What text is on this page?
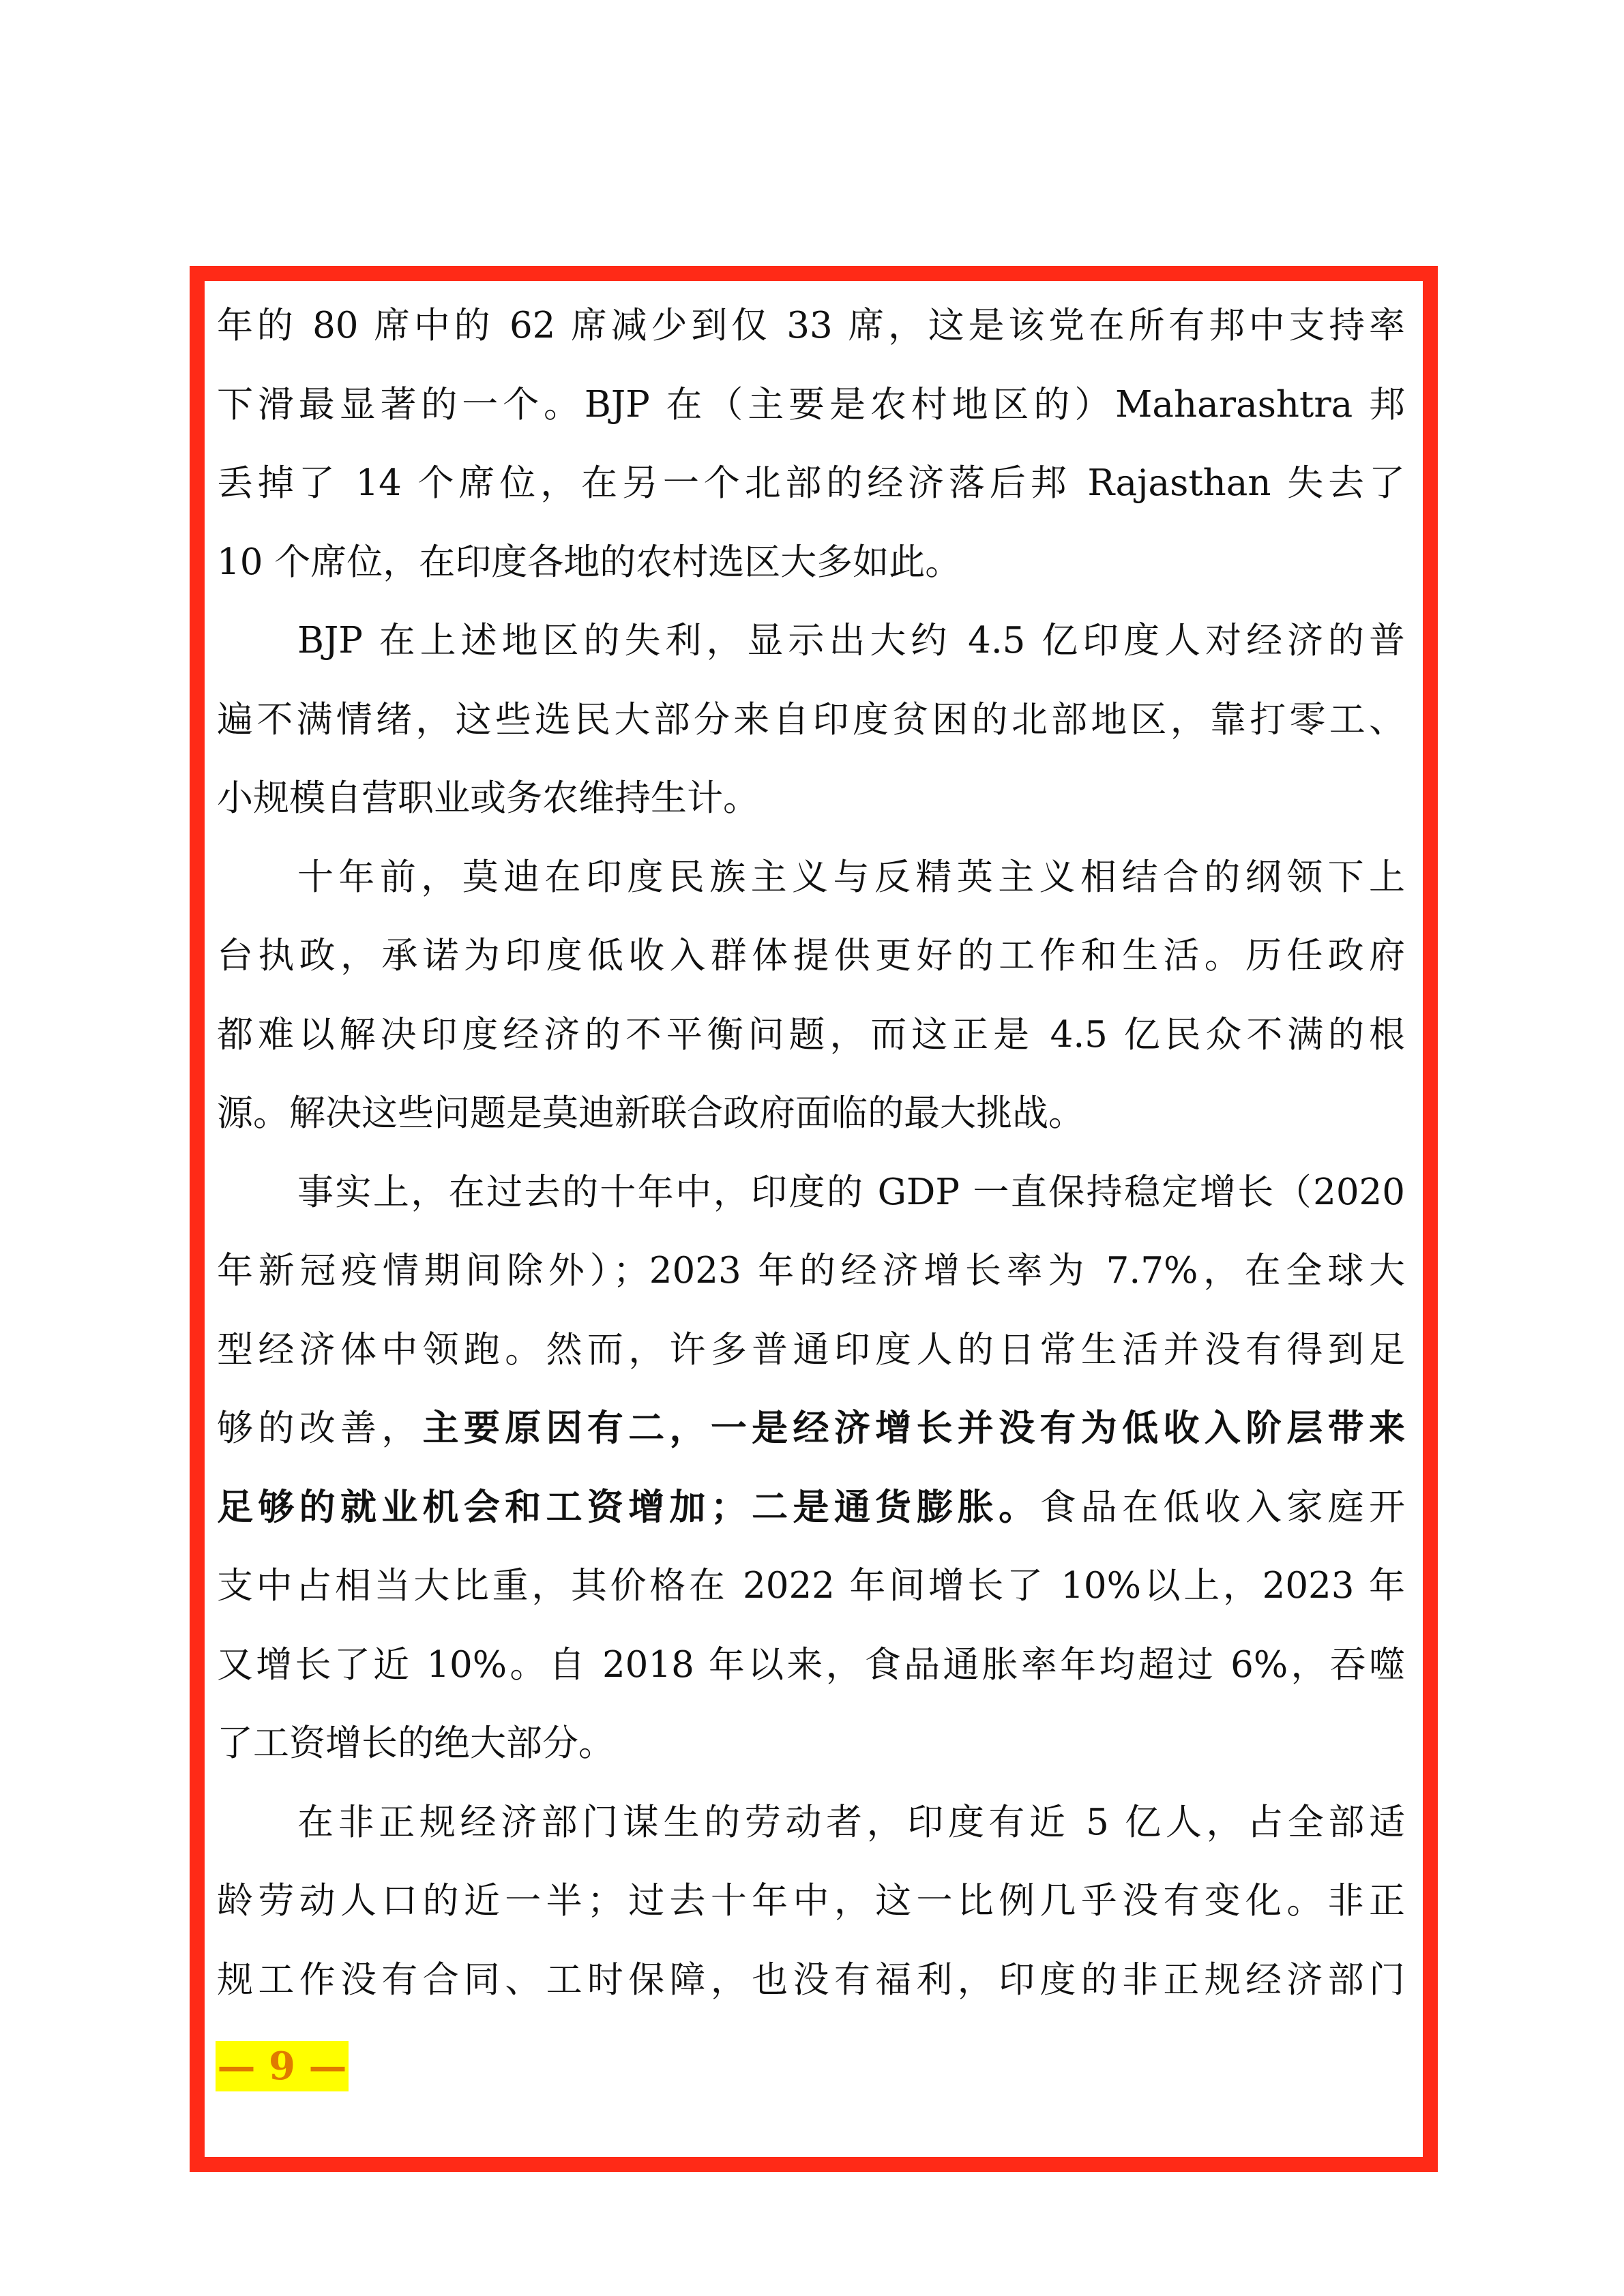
年的 80 席中的 62 席减少到仅 33 席，这是该党在所有邦中支持率
下滑最显著的一个。BJP 在（主要是农村地区的）Maharashtra 邦
丢掉了 14 个席位，在另一个北部的经济落后邦 Rajasthan 失去了
10 个席位，在印度各地的农村选区大多如此。
BJP 在上述地区的失利，显示出大约 4.5 亿印度人对经济的普
遍不满情绪，这些选民大部分来自印度贫困的北部地区，靠打零工、
小规模自营职业或务农维持生计。
十年前，莫迪在印度民族主义与反精英主义相结合的纲领下上
台执政，承诺为印度低收入群体提供更好的工作和生活。历任政府
都难以解决印度经济的不平衡问题，而这正是 4.5 亿民众不满的根
源。解决这些问题是莫迪新联合政府面临的最大挑战。
事实上，在过去的十年中，印度的 GDP 一直保持稳定增长（2020
年新冠疫情期间除外）；2023 年的经济增长率为 7.7%，在全球大
型经济体中领跑。然而，许多普通印度人的日常生活并没有得到足
够的改善，主要原因有二，一是经济增长并没有为低收入阶层带来
足够的就业机会和工资增加；二是通货膨胀。食品在低收入家庭开
支中占相当大比重，其价格在 2022 年间增长了 10%以上，2023 年
又增长了近 10%。自 2018 年以来，食品通胀率年均超过 6%，吞噬
了工资增长的绝大部分。
在非正规经济部门谋生的劳动者，印度有近 5 亿人，占全部适
龄劳动人口的近一半；过去十年中，这一比例几乎没有变化。非正
规工作没有合同、工时保障，也没有福利，印度的非正规经济部门
— 9 —
